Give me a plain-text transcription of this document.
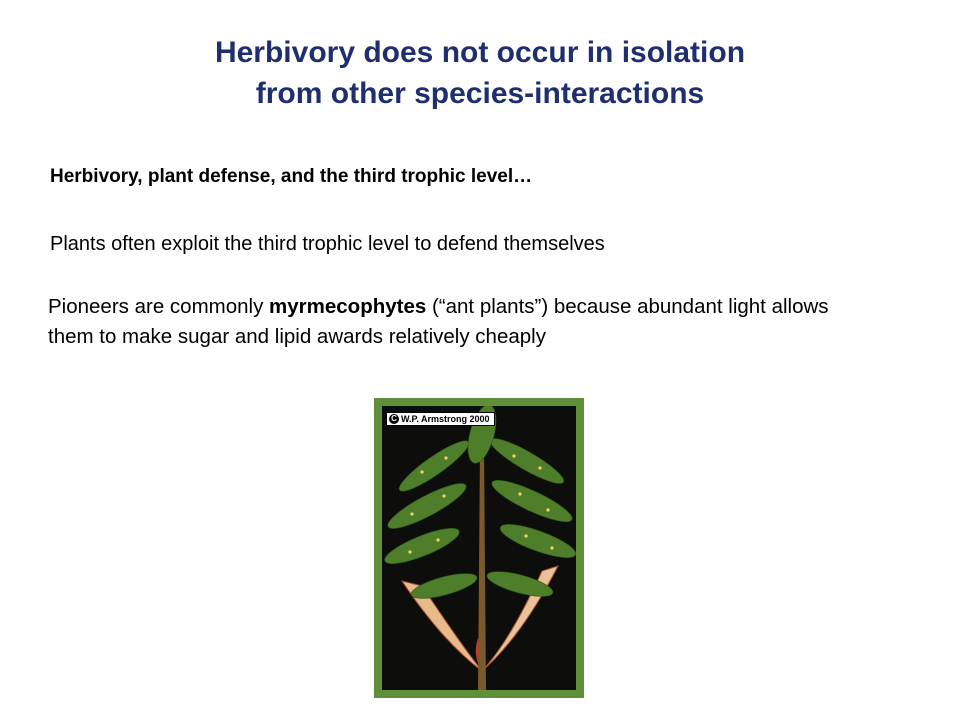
Herbivory does not occur in isolation
from other species-interactions
Herbivory, plant defense, and the third trophic level…
Plants often exploit the third trophic level to defend themselves
Pioneers are commonly myrmecophytes (“ant plants”) because abundant light allows them to make sugar and lipid awards relatively cheaply
C W.P. Armstrong 2000
